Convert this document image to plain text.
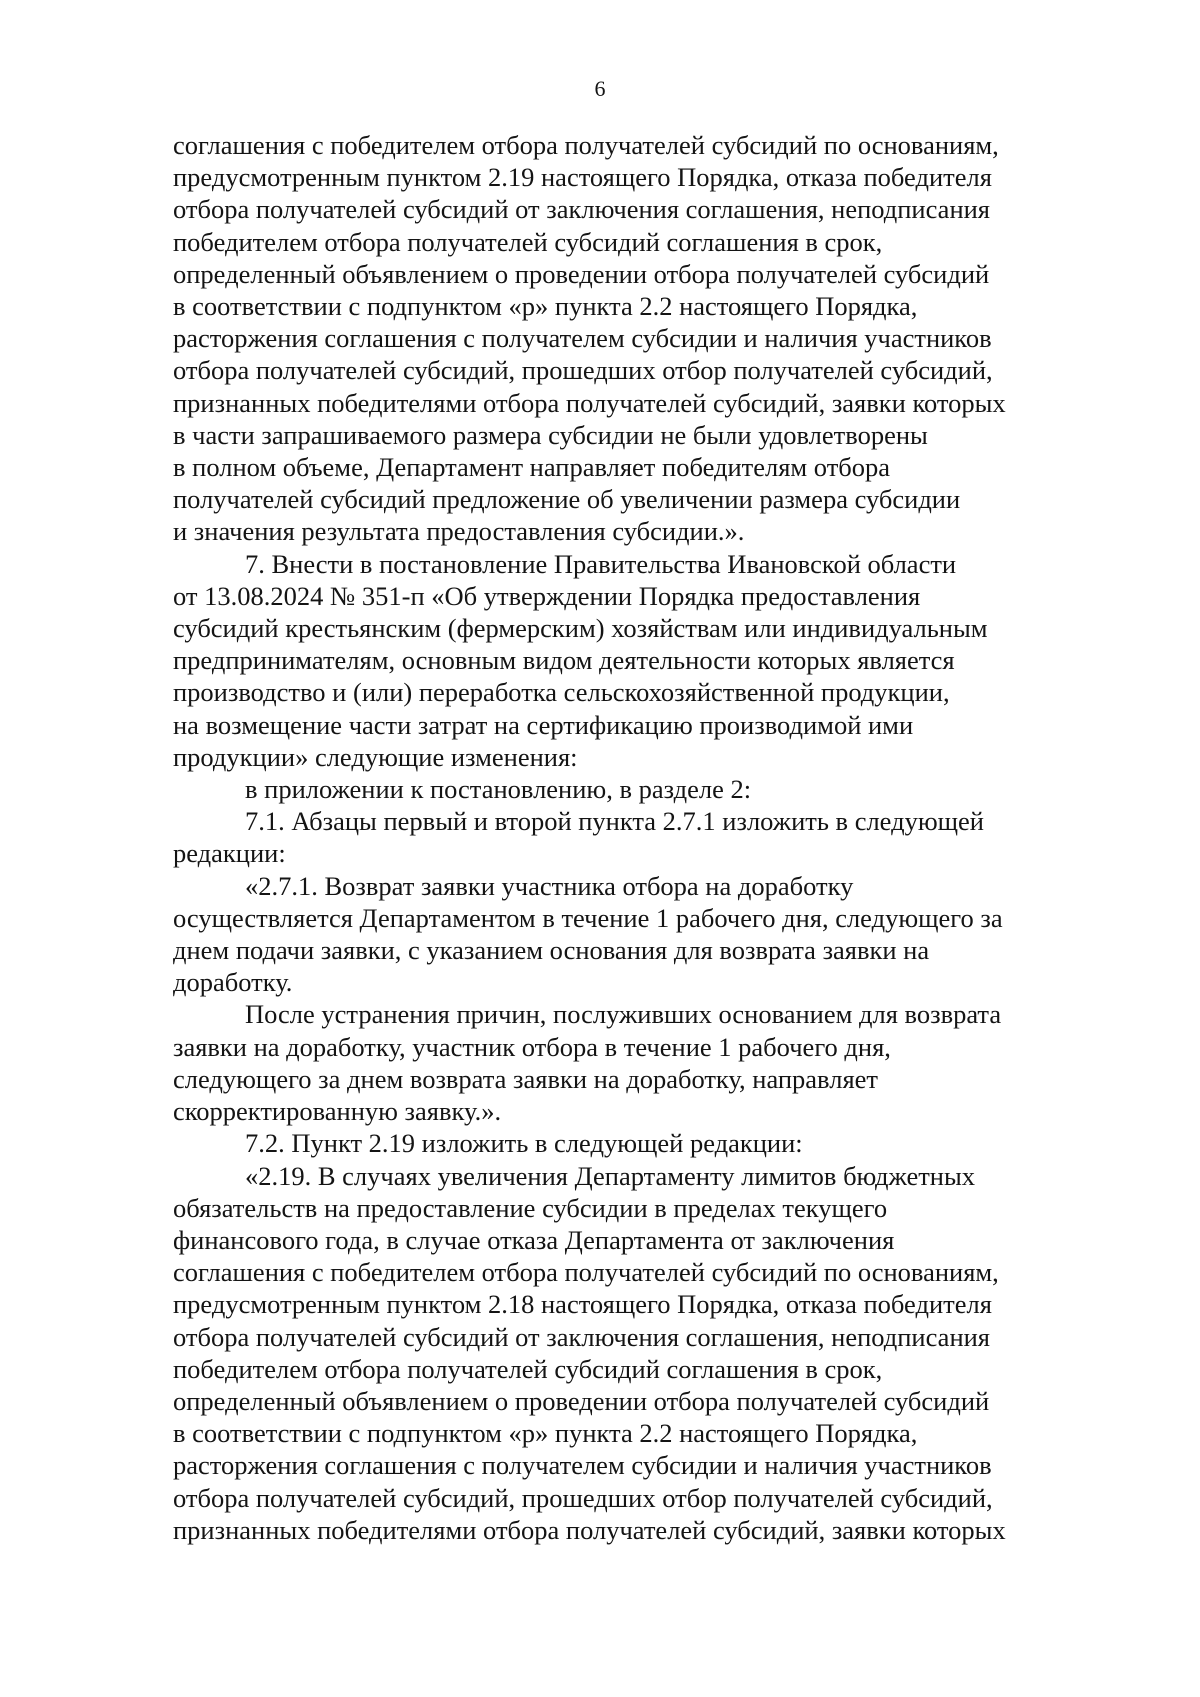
6

соглашения с победителем отбора получателей субсидий по основаниям,
предусмотренным пунктом 2.19 настоящего Порядка, отказа победителя
отбора получателей субсидий от заключения соглашения, неподписания
победителем отбора получателей субсидий соглашения в срок,
определенный объявлением о проведении отбора получателей субсидий
в соответствии с подпунктом «р» пункта 2.2 настоящего Порядка,
расторжения соглашения с получателем субсидии и наличия участников
отбора получателей субсидий, прошедших отбор получателей субсидий,
признанных победителями отбора получателей субсидий, заявки которых
в части запрашиваемого размера субсидии не были удовлетворены
в полном объеме, Департамент направляет победителям отбора
получателей субсидий предложение об увеличении размера субсидии
и значения результата предоставления субсидии.».

7. Внести в постановление Правительства Ивановской области
от 13.08.2024 № 351-п «Об утверждении Порядка предоставления
субсидий крестьянским (фермерским) хозяйствам или индивидуальным
предпринимателям, основным видом деятельности которых является
производство и (или) переработка сельскохозяйственной продукции,
на возмещение части затрат на сертификацию производимой ими
продукции» следующие изменения:

в приложении к постановлению, в разделе 2:

7.1. Абзацы первый и второй пункта 2.7.1 изложить в следующей
редакции:

«2.7.1. Возврат заявки участника отбора на доработку
осуществляется Департаментом в течение 1 рабочего дня, следующего за
днем подачи заявки, с указанием основания для возврата заявки на
доработку.

После устранения причин, послуживших основанием для возврата
заявки на доработку, участник отбора в течение 1 рабочего дня,
следующего за днем возврата заявки на доработку, направляет
скорректированную заявку.».

7.2. Пункт 2.19 изложить в следующей редакции:

«2.19. В случаях увеличения Департаменту лимитов бюджетных
обязательств на предоставление субсидии в пределах текущего
финансового года, в случае отказа Департамента от заключения
соглашения с победителем отбора получателей субсидий по основаниям,
предусмотренным пунктом 2.18 настоящего Порядка, отказа победителя
отбора получателей субсидий от заключения соглашения, неподписания
победителем отбора получателей субсидий соглашения в срок,
определенный объявлением о проведении отбора получателей субсидий
в соответствии с подпунктом «р» пункта 2.2 настоящего Порядка,
расторжения соглашения с получателем субсидии и наличия участников
отбора получателей субсидий, прошедших отбор получателей субсидий,
признанных победителями отбора получателей субсидий, заявки которых
